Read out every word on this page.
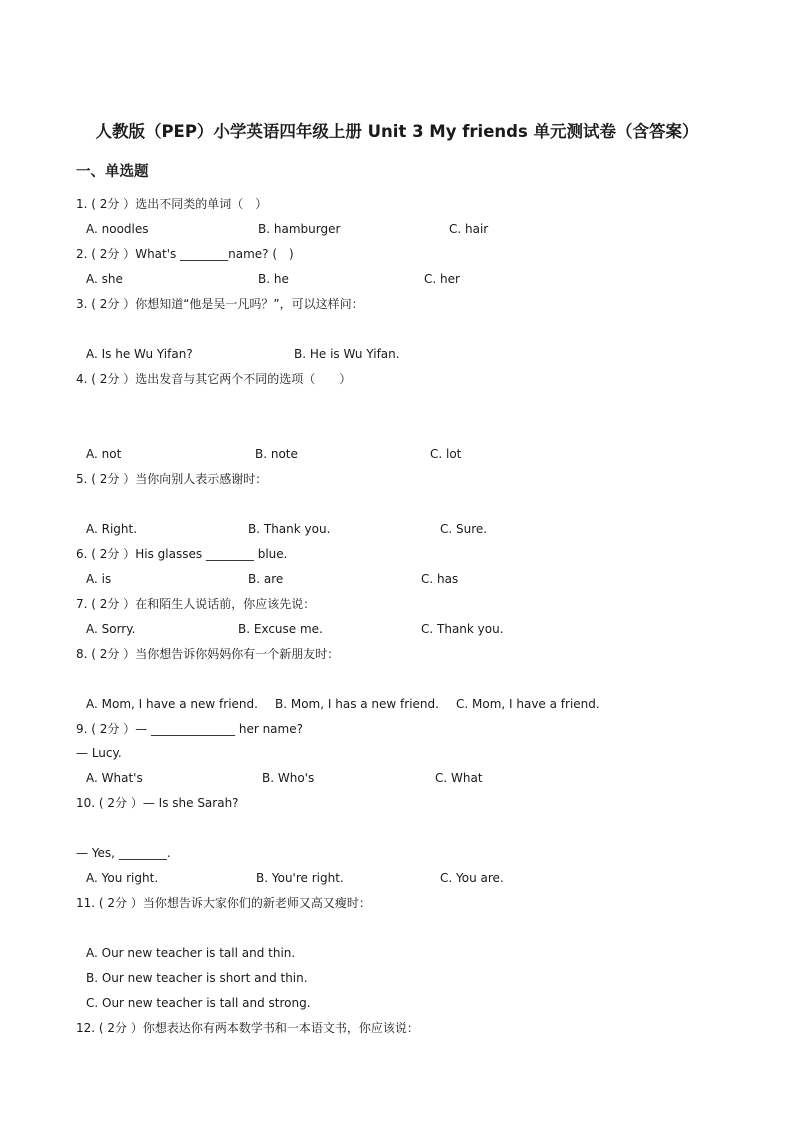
人教版（PEP）小学英语四年级上册 Unit 3 My friends 单元测试卷（含答案）
一、单选题
1. ( 2分 ）选出不同类的单词（　）
A. noodles	B. hamburger	C. hair
2. ( 2分 ）What's ________name? (　)
A. she	B. he	C. her
3. ( 2分 ）你想知道“他是吴一凡吗？”，可以这样问：
A. Is he Wu Yifan?	B. He is Wu Yifan.
4. ( 2分 ）选出发音与其它两个不同的选项（　　）
A. not	B. note	C. lot
5. ( 2分 ）当你向别人表示感谢时：
A. Right.	B. Thank you.	C. Sure.
6. ( 2分 ）His glasses ________ blue.
A. is	B. are	C. has
7. ( 2分 ）在和陌生人说话前，你应该先说：
A. Sorry.	B. Excuse me.	C. Thank you.
8. ( 2分 ）当你想告诉你妈妈你有一个新朋友时：
A. Mom, I have a new friend. B. Mom, I has a new friend. C. Mom, I have a friend.
9. ( 2分 ）— ______________ her name?
— Lucy.
A. What's	B. Who's	C. What
10. ( 2分 ）— Is she Sarah?
— Yes, ________.
A. You right.	B. You're right.	C. You are.
11. ( 2分 ）当你想告诉大家你们的新老师又高又瘦时：
A. Our new teacher is tall and thin.
B. Our new teacher is short and thin.
C. Our new teacher is tall and strong.
12. ( 2分 ）你想表达你有两本数学书和一本语文书，你应该说：
